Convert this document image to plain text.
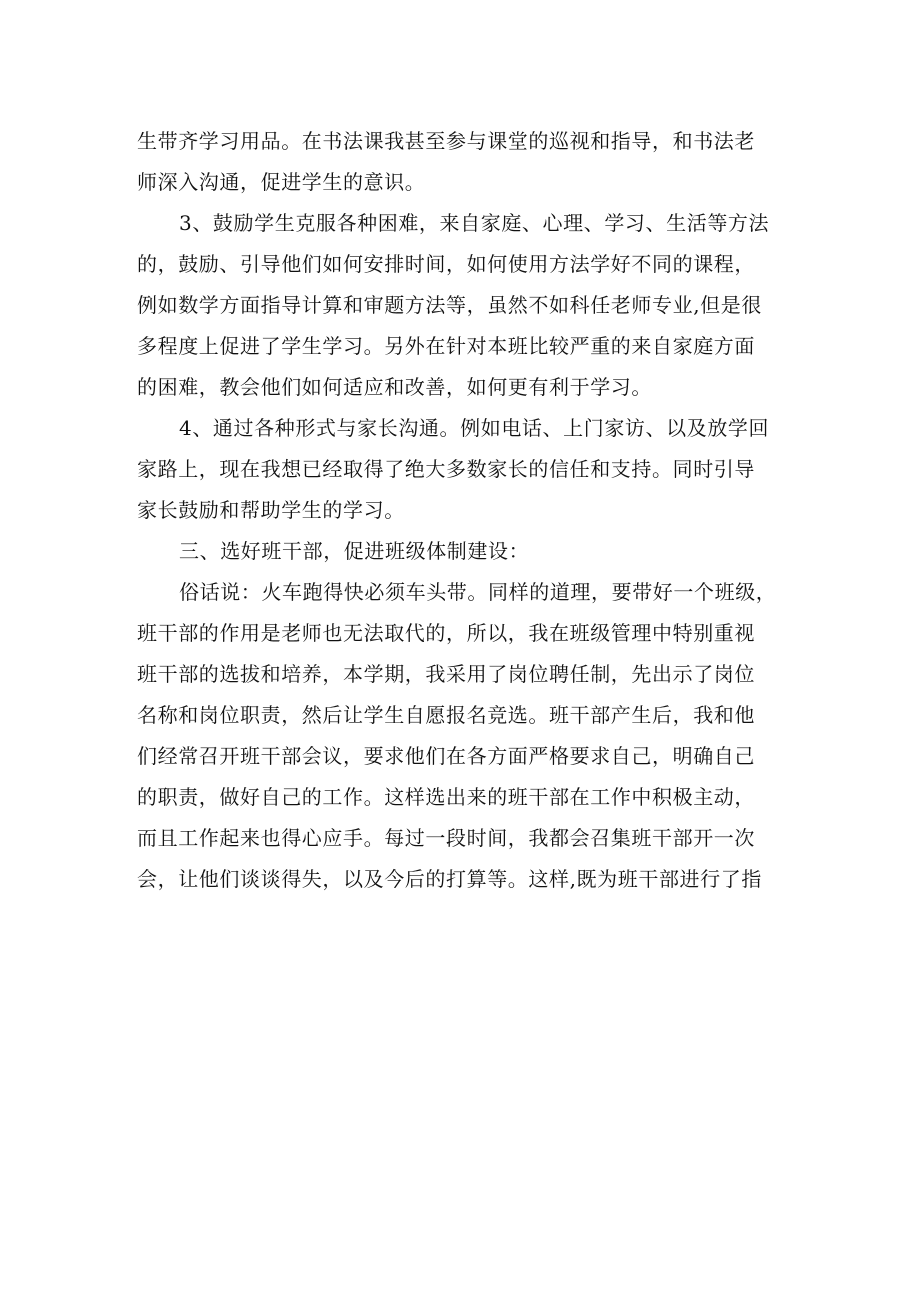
生带齐学习用品。在书法课我甚至参与课堂的巡视和指导，和书法老
师深入沟通，促进学生的意识。
3、鼓励学生克服各种困难，来自家庭、心理、学习、生活等方法
的，鼓励、引导他们如何安排时间，如何使用方法学好不同的课程，
例如数学方面指导计算和审题方法等，虽然不如科任老师专业,但是很
多程度上促进了学生学习。另外在针对本班比较严重的来自家庭方面
的困难，教会他们如何适应和改善，如何更有利于学习。
4、通过各种形式与家长沟通。例如电话、上门家访、以及放学回
家路上，现在我想已经取得了绝大多数家长的信任和支持。同时引导
家长鼓励和帮助学生的学习。
三、选好班干部，促进班级体制建设：
俗话说：火车跑得快必须车头带。同样的道理，要带好一个班级，
班干部的作用是老师也无法取代的，所以，我在班级管理中特别重视
班干部的选拔和培养，本学期，我采用了岗位聘任制，先出示了岗位
名称和岗位职责，然后让学生自愿报名竞选。班干部产生后，我和他
们经常召开班干部会议，要求他们在各方面严格要求自己，明确自己
的职责，做好自己的工作。这样选出来的班干部在工作中积极主动，
而且工作起来也得心应手。每过一段时间，我都会召集班干部开一次
会，让他们谈谈得失，以及今后的打算等。这样,既为班干部进行了指
